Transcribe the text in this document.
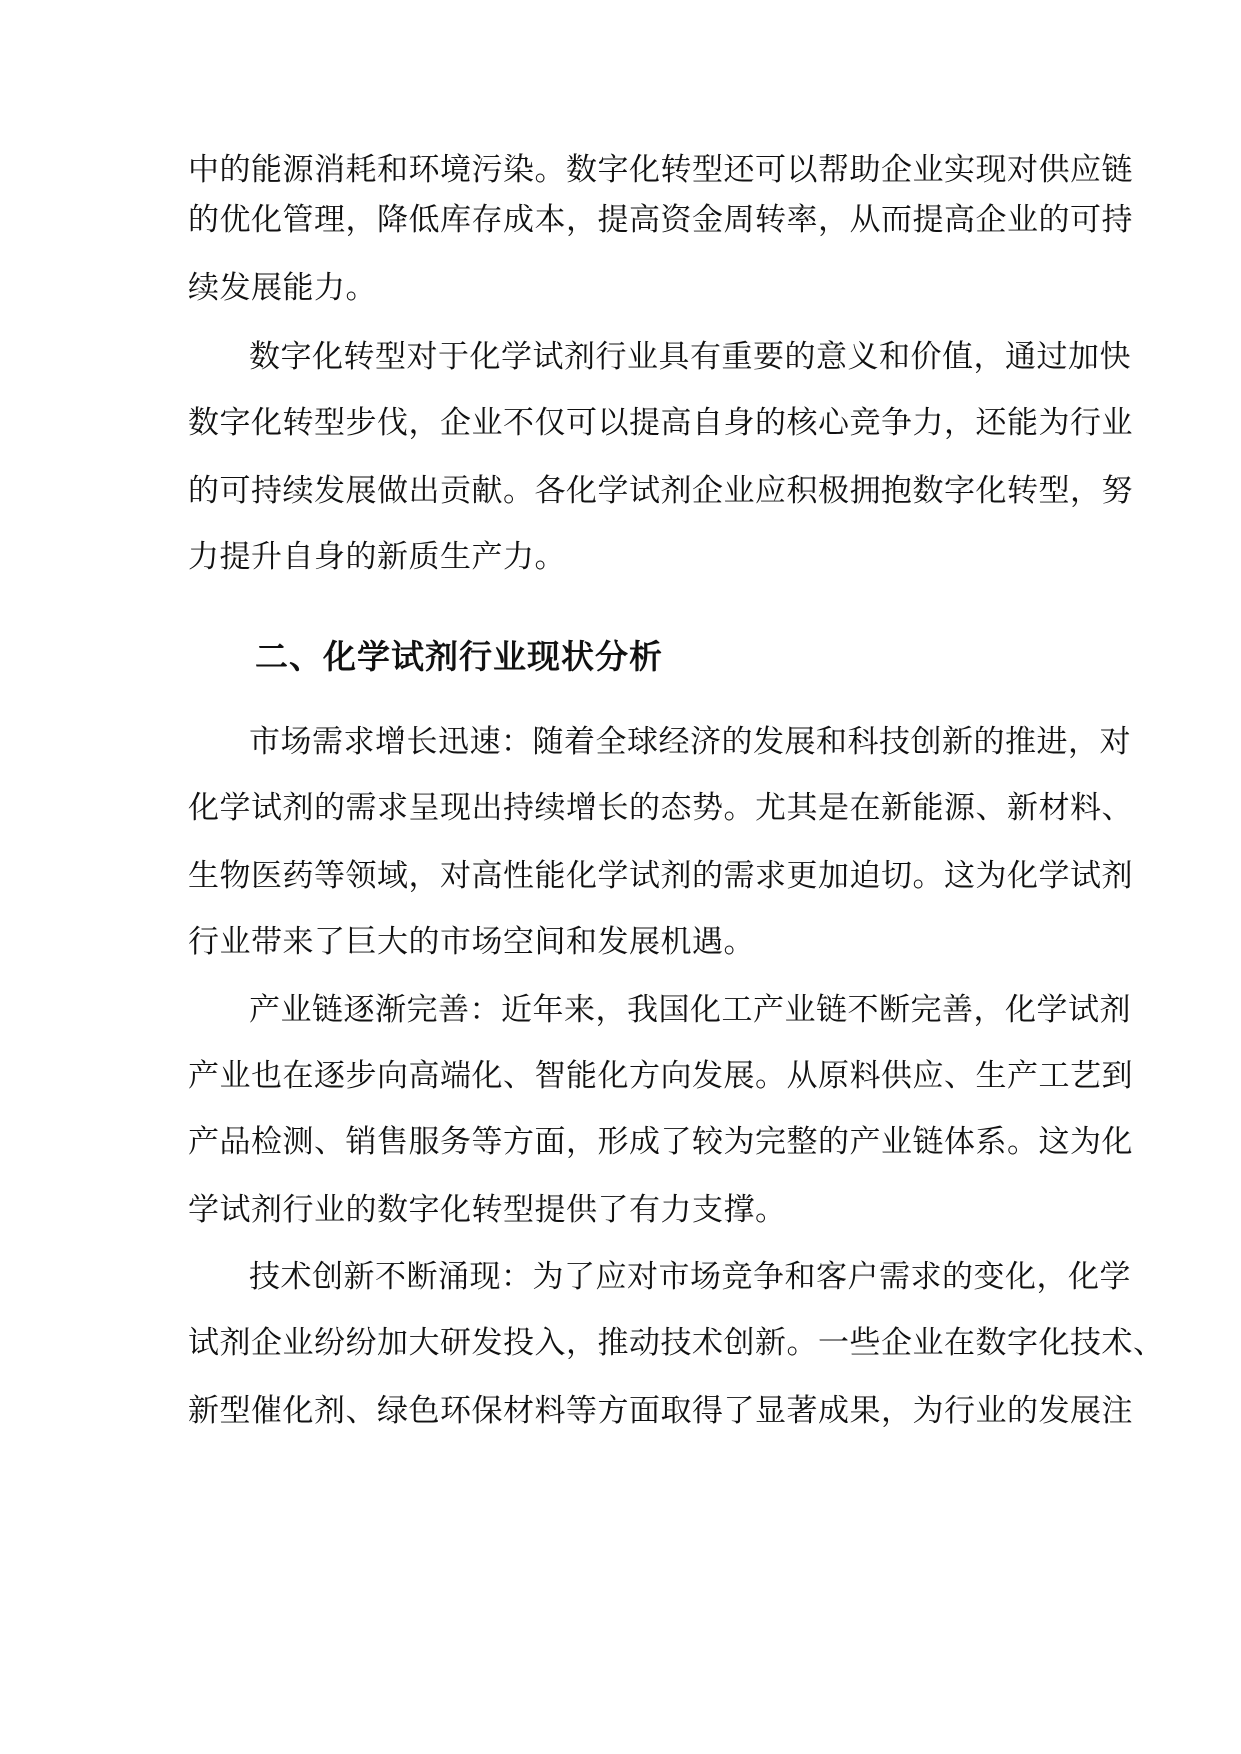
中的能源消耗和环境污染。数字化转型还可以帮助企业实现对供应链
的优化管理，降低库存成本，提高资金周转率，从而提高企业的可持
续发展能力。
数字化转型对于化学试剂行业具有重要的意义和价值，通过加快
数字化转型步伐，企业不仅可以提高自身的核心竞争力，还能为行业
的可持续发展做出贡献。各化学试剂企业应积极拥抱数字化转型，努
力提升自身的新质生产力。
二、化学试剂行业现状分析
市场需求增长迅速：随着全球经济的发展和科技创新的推进，对
化学试剂的需求呈现出持续增长的态势。尤其是在新能源、新材料、
生物医药等领域，对高性能化学试剂的需求更加迫切。这为化学试剂
行业带来了巨大的市场空间和发展机遇。
产业链逐渐完善：近年来，我国化工产业链不断完善，化学试剂
产业也在逐步向高端化、智能化方向发展。从原料供应、生产工艺到
产品检测、销售服务等方面，形成了较为完整的产业链体系。这为化
学试剂行业的数字化转型提供了有力支撑。
技术创新不断涌现：为了应对市场竞争和客户需求的变化，化学
试剂企业纷纷加大研发投入，推动技术创新。一些企业在数字化技术、
新型催化剂、绿色环保材料等方面取得了显著成果，为行业的发展注
